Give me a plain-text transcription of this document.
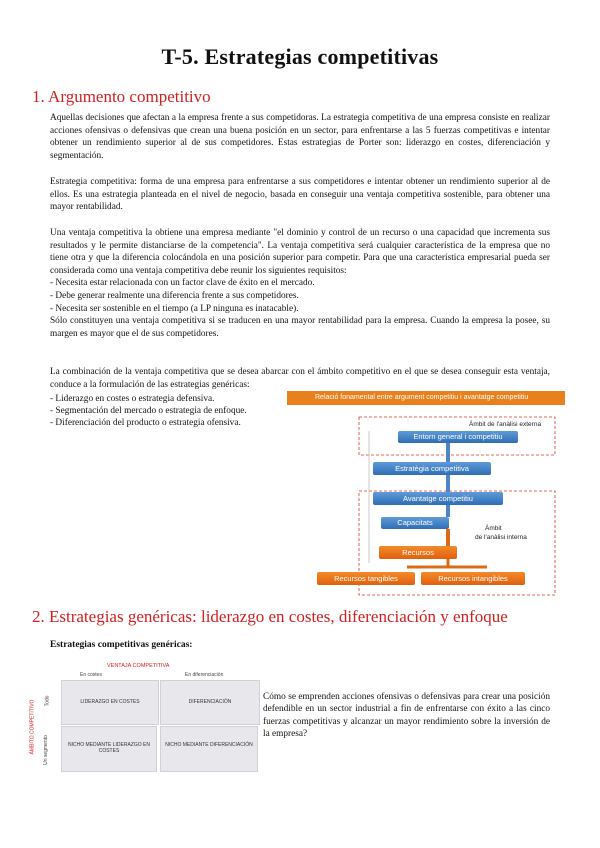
T-5. Estrategias competitivas
1. Argumento competitivo

Aquellas decisiones que afectan a la empresa frente a sus competidoras. La estrategia competitiva de una empresa consiste en realizar acciones ofensivas o defensivas que crean una buena posición en un sector, para enfrentarse a las 5 fuerzas competitivas e intentar obtener un rendimiento superior al de sus competidores. Estas estrategias de Porter son: liderazgo en costes, diferenciación y segmentación.

Estrategia competitiva: forma de una empresa para enfrentarse a sus competidores e intentar obtener un rendimiento superior al de ellos. Es una estrategia planteada en el nivel de negocio, basada en conseguir una ventaja competitiva sostenible, para obtener una mayor rentabilidad.

Una ventaja competitiva la obtiene una empresa mediante "el dominio y control de un recurso o una capacidad que incrementa sus resultados y le permite distanciarse de la competencia". La ventaja competitiva será cualquier característica de la empresa que no tiene otra y que la diferencia colocándola en una posición superior para competir. Para que una característica empresarial pueda ser considerada como una ventaja competitiva debe reunir los siguientes requisitos:

- Necesita estar relacionada con un factor clave de éxito en el mercado.
- Debe generar realmente una diferencia frente a sus competidores.
- Necesita ser sostenible en el tiempo (a LP ninguna es inatacable).

Sólo constituyen una ventaja competitiva si se traducen en una mayor rentabilidad para la empresa. Cuando la empresa la posee, su margen es mayor que el de sus competidores.

La combinación de la ventaja competitiva que se desea abarcar con el ámbito competitivo en el que se desea conseguir esta ventaja, conduce a la formulación de las estrategias genéricas:

- Liderazgo en costes o estrategia defensiva.
- Segmentación del mercado o estrategia de enfoque.
- Diferenciación del producto o estrategia ofensiva.
Relació fonamental entre argument competitiu i avantatge competitiu
Àmbit de l'anàlisi externa
Entorn general i competitiu
Estratègia competitiva
Avantatge competitiu
Capacitats
Àmbit
de l'anàlisi interna
Recursos
Recursos tangibles	Recursos intangibles
2. Estrategias genéricas: liderazgo en costes, diferenciación y enfoque
Estrategias competitivas genéricas:
VENTAJA COMPETITIVA
En costes	En diferenciación
ÁMBITO COMPETITIVO Todo
Un segmento
LIDERAZGO EN COSTES	DIFERENCIACIÓN
NICHO MEDIANTE LIDERAZGO EN COSTES
NICHO MEDIANTE DIFERENCIACIÓN

Cómo se emprenden acciones ofensivas o defensivas para crear una posición defendible en un sector industrial a fin de enfrentarse con éxito a las cinco fuerzas competitivas y alcanzar un mayor rendimiento sobre la inversión de la empresa?
